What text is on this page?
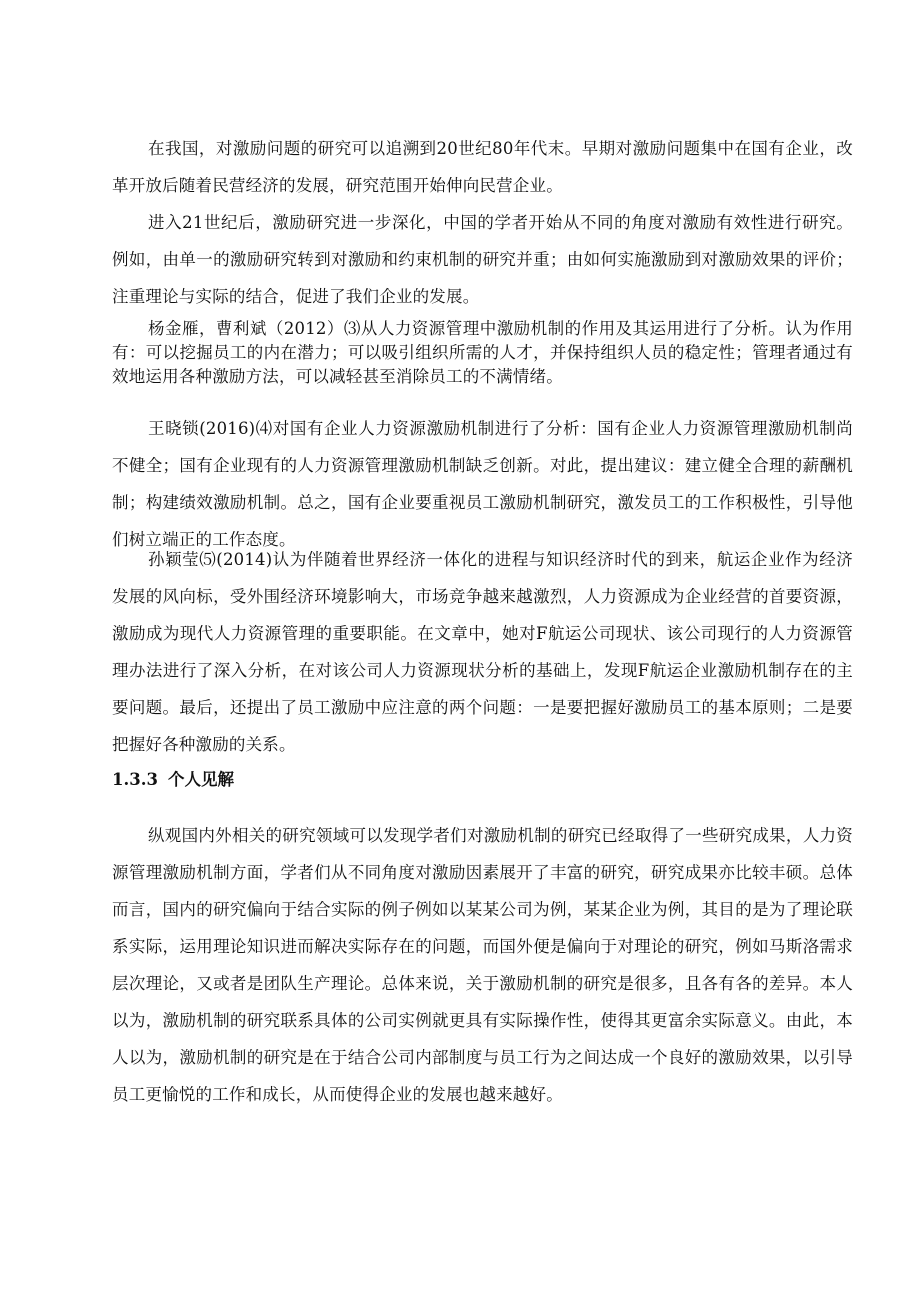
在我国，对激励问题的研究可以追溯到20世纪80年代末。早期对激励问题集中在国有企业，改革开放后随着民营经济的发展，研究范围开始伸向民营企业。

进入21世纪后，激励研究进一步深化，中国的学者开始从不同的角度对激励有效性进行研究。例如，由单一的激励研究转到对激励和约束机制的研究并重；由如何实施激励到对激励效果的评价；注重理论与实际的结合，促进了我们企业的发展。

杨金雁，曹利斌（2012）⑶从人力资源管理中激励机制的作用及其运用进行了分析。认为作用有：可以挖掘员工的内在潜力；可以吸引组织所需的人才，并保持组织人员的稳定性；管理者通过有效地运用各种激励方法，可以减轻甚至消除员工的不满情绪。

王晓锁(2016)⑷对国有企业人力资源激励机制进行了分析：国有企业人力资源管理激励机制尚不健全；国有企业现有的人力资源管理激励机制缺乏创新。对此，提出建议：建立健全合理的薪酬机制；构建绩效激励机制。总之，国有企业要重视员工激励机制研究，激发员工的工作积极性，引导他们树立端正的工作态度。

孙颖莹⑸(2014)认为伴随着世界经济一体化的进程与知识经济时代的到来，航运企业作为经济发展的风向标，受外围经济环境影响大，市场竞争越来越激烈，人力资源成为企业经营的首要资源，激励成为现代人力资源管理的重要职能。在文章中，她对F航运公司现状、该公司现行的人力资源管理办法进行了深入分析，在对该公司人力资源现状分析的基础上，发现F航运企业激励机制存在的主要问题。最后，还提出了员工激励中应注意的两个问题：一是要把握好激励员工的基本原则；二是要把握好各种激励的关系。

1.3.3 个人见解

纵观国内外相关的研究领域可以发现学者们对激励机制的研究已经取得了一些研究成果，人力资源管理激励机制方面，学者们从不同角度对激励因素展开了丰富的研究，研究成果亦比较丰硕。总体而言，国内的研究偏向于结合实际的例子例如以某某公司为例，某某企业为例，其目的是为了理论联系实际，运用理论知识进而解决实际存在的问题，而国外便是偏向于对理论的研究，例如马斯洛需求层次理论，又或者是团队生产理论。总体来说，关于激励机制的研究是很多，且各有各的差异。本人以为，激励机制的研究联系具体的公司实例就更具有实际操作性，使得其更富余实际意义。由此，本人以为，激励机制的研究是在于结合公司内部制度与员工行为之间达成一个良好的激励效果，以引导员工更愉悦的工作和成长，从而使得企业的发展也越来越好。
